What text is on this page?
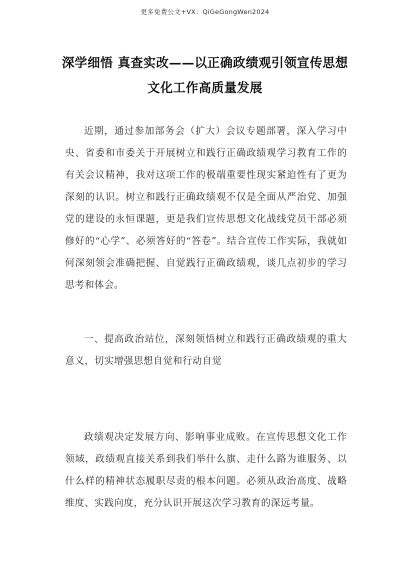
更多免费公文+VX：QiGeGongWen2024
深学细悟 真查实改——以正确政绩观引领宣传思想
文化工作高质量发展

近期，通过参加部务会（扩大）会议专题部署，深入学习中央、省委和市委关于开展树立和践行正确政绩观学习教育工作的有关会议精神，我对这项工作的极端重要性现实紧迫性有了更为深刻的认识。树立和践行正确政绩观不仅是全面从严治党、加强党的建设的永恒课题，更是我们宣传思想文化战线党员干部必须修好的“心学”、必须答好的“答卷”。结合宣传工作实际，我就如何深刻领会准确把握、自觉践行正确政绩观，谈几点初步的学习思考和体会。

一、提高政治站位，深刻领悟树立和践行正确政绩观的重大意义，切实增强思想自觉和行动自觉

政绩观决定发展方向、影响事业成败。在宣传思想文化工作领域，政绩观直接关系到我们举什么旗、走什么路为谁服务、以什么样的精神状态履职尽责的根本问题。必须从政治高度、战略维度、实践向度，充分认识开展这次学习教育的深远考量。
